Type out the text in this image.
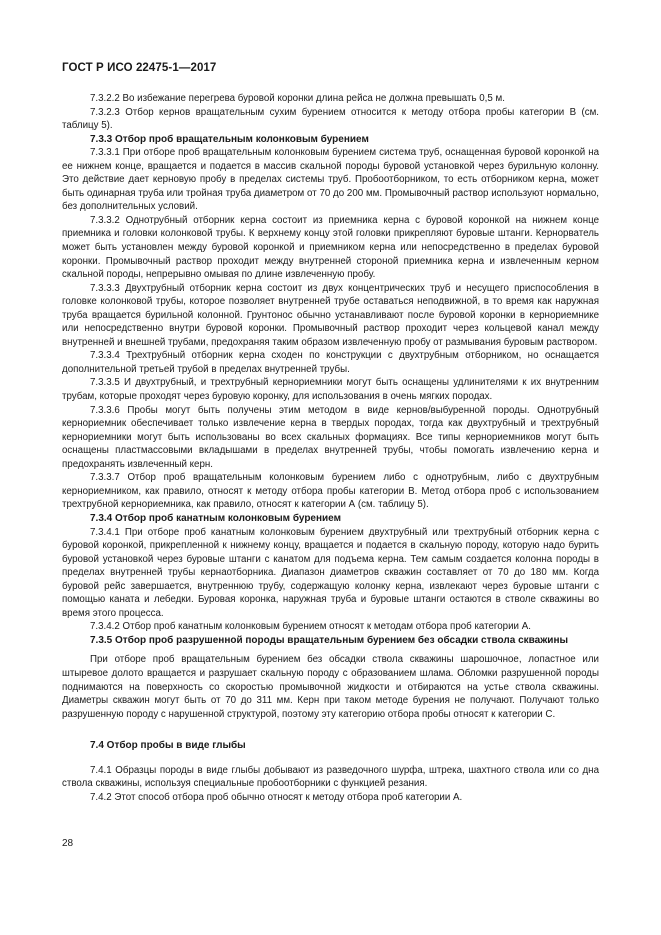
ГОСТ Р ИСО 22475-1—2017

7.3.2.2 Во избежание перегрева буровой коронки длина рейса не должна превышать 0,5 м.

7.3.2.3 Отбор кернов вращательным сухим бурением относится к методу отбора пробы категории В (см. таблицу 5).

7.3.3 Отбор проб вращательным колонковым бурением

7.3.3.1 При отборе проб вращательным колонковым бурением система труб, оснащенная буровой коронкой на ее нижнем конце, вращается и подается в массив скальной породы буровой установкой через бурильную колонну. Это действие дает керновую пробу в пределах системы труб. Пробоотборником, то есть отборником керна, может быть одинарная труба или тройная труба диаметром от 70 до 200 мм. Промывочный раствор используют нормально, без дополнительных условий.

7.3.3.2 Однотрубный отборник керна состоит из приемника керна с буровой коронкой на нижнем конце приемника и головки колонковой трубы. К верхнему концу этой головки прикрепляют буровые штанги. Кернорватель может быть установлен между буровой коронкой и приемником керна или непосредственно в пределах буровой коронки. Промывочный раствор проходит между внутренней стороной приемника керна и извлеченным керном скальной породы, непрерывно омывая по длине извлеченную пробу.

7.3.3.3 Двухтрубный отборник керна состоит из двух концентрических труб и несущего приспособления в головке колонковой трубы, которое позволяет внутренней трубе оставаться неподвижной, в то время как наружная труба вращается бурильной колонной. Грунтонос обычно устанавливают после буровой коронки в кернориемнике или непосредственно внутри буровой коронки. Промывочный раствор проходит через кольцевой канал между внутренней и внешней трубами, предохраняя таким образом извлеченную пробу от размывания буровым раствором.

7.3.3.4 Трехтрубный отборник керна сходен по конструкции с двухтрубным отборником, но оснащается дополнительной третьей трубой в пределах внутренней трубы.

7.3.3.5 И двухтрубный, и трехтрубный кернориемники могут быть оснащены удлинителями к их внутренним трубам, которые проходят через буровую коронку, для использования в очень мягких породах.

7.3.3.6 Пробы могут быть получены этим методом в виде кернов/выбуренной породы. Однотрубный кернориемник обеспечивает только извлечение керна в твердых породах, тогда как двухтрубный и трехтрубный кернориемники могут быть использованы во всех скальных формациях. Все типы кернориемников могут быть оснащены пластмассовыми вкладышами в пределах внутренней трубы, чтобы помогать извлечению керна и предохранять извлеченный керн.

7.3.3.7 Отбор проб вращательным колонковым бурением либо с однотрубным, либо с двухтрубным кернориемником, как правило, относят к методу отбора пробы категории В. Метод отбора проб с использованием трехтрубной кернориемника, как правило, относят к категории А (см. таблицу 5).

7.3.4 Отбор проб канатным колонковым бурением

7.3.4.1 При отборе проб канатным колонковым бурением двухтрубный или трехтрубный отборник керна с буровой коронкой, прикрепленной к нижнему концу, вращается и подается в скальную породу, которую надо бурить буровой установкой через буровые штанги с канатом для подъема керна. Тем самым создается колонна породы в пределах внутренней трубы кернаотборника. Диапазон диаметров скважин составляет от 70 до 180 мм. Когда буровой рейс завершается, внутреннюю трубу, содержащую колонку керна, извлекают через буровые штанги с помощью каната и лебедки. Буровая коронка, наружная труба и буровые штанги остаются в стволе скважины во время этого процесса.

7.3.4.2 Отбор проб канатным колонковым бурением относят к методам отбора проб категории А.

7.3.5 Отбор проб разрушенной породы вращательным бурением без обсадки ствола скважины

При отборе проб вращательным бурением без обсадки ствола скважины шарошочное, лопастное или штыревое долото вращается и разрушает скальную породу с образованием шлама. Обломки разрушенной породы поднимаются на поверхность со скоростью промывочной жидкости и отбираются на устье ствола скважины. Диаметры скважин могут быть от 70 до 311 мм. Керн при таком методе бурения не получают. Получают только разрушенную породу с нарушенной структурой, поэтому эту категорию отбора пробы относят к категории С.

7.4 Отбор пробы в виде глыбы

7.4.1 Образцы породы в виде глыбы добывают из разведочного шурфа, штрека, шахтного ствола или со дна ствола скважины, используя специальные пробоотборники с функцией резания.

7.4.2 Этот способ отбора проб обычно относят к методу отбора проб категории А.

28
